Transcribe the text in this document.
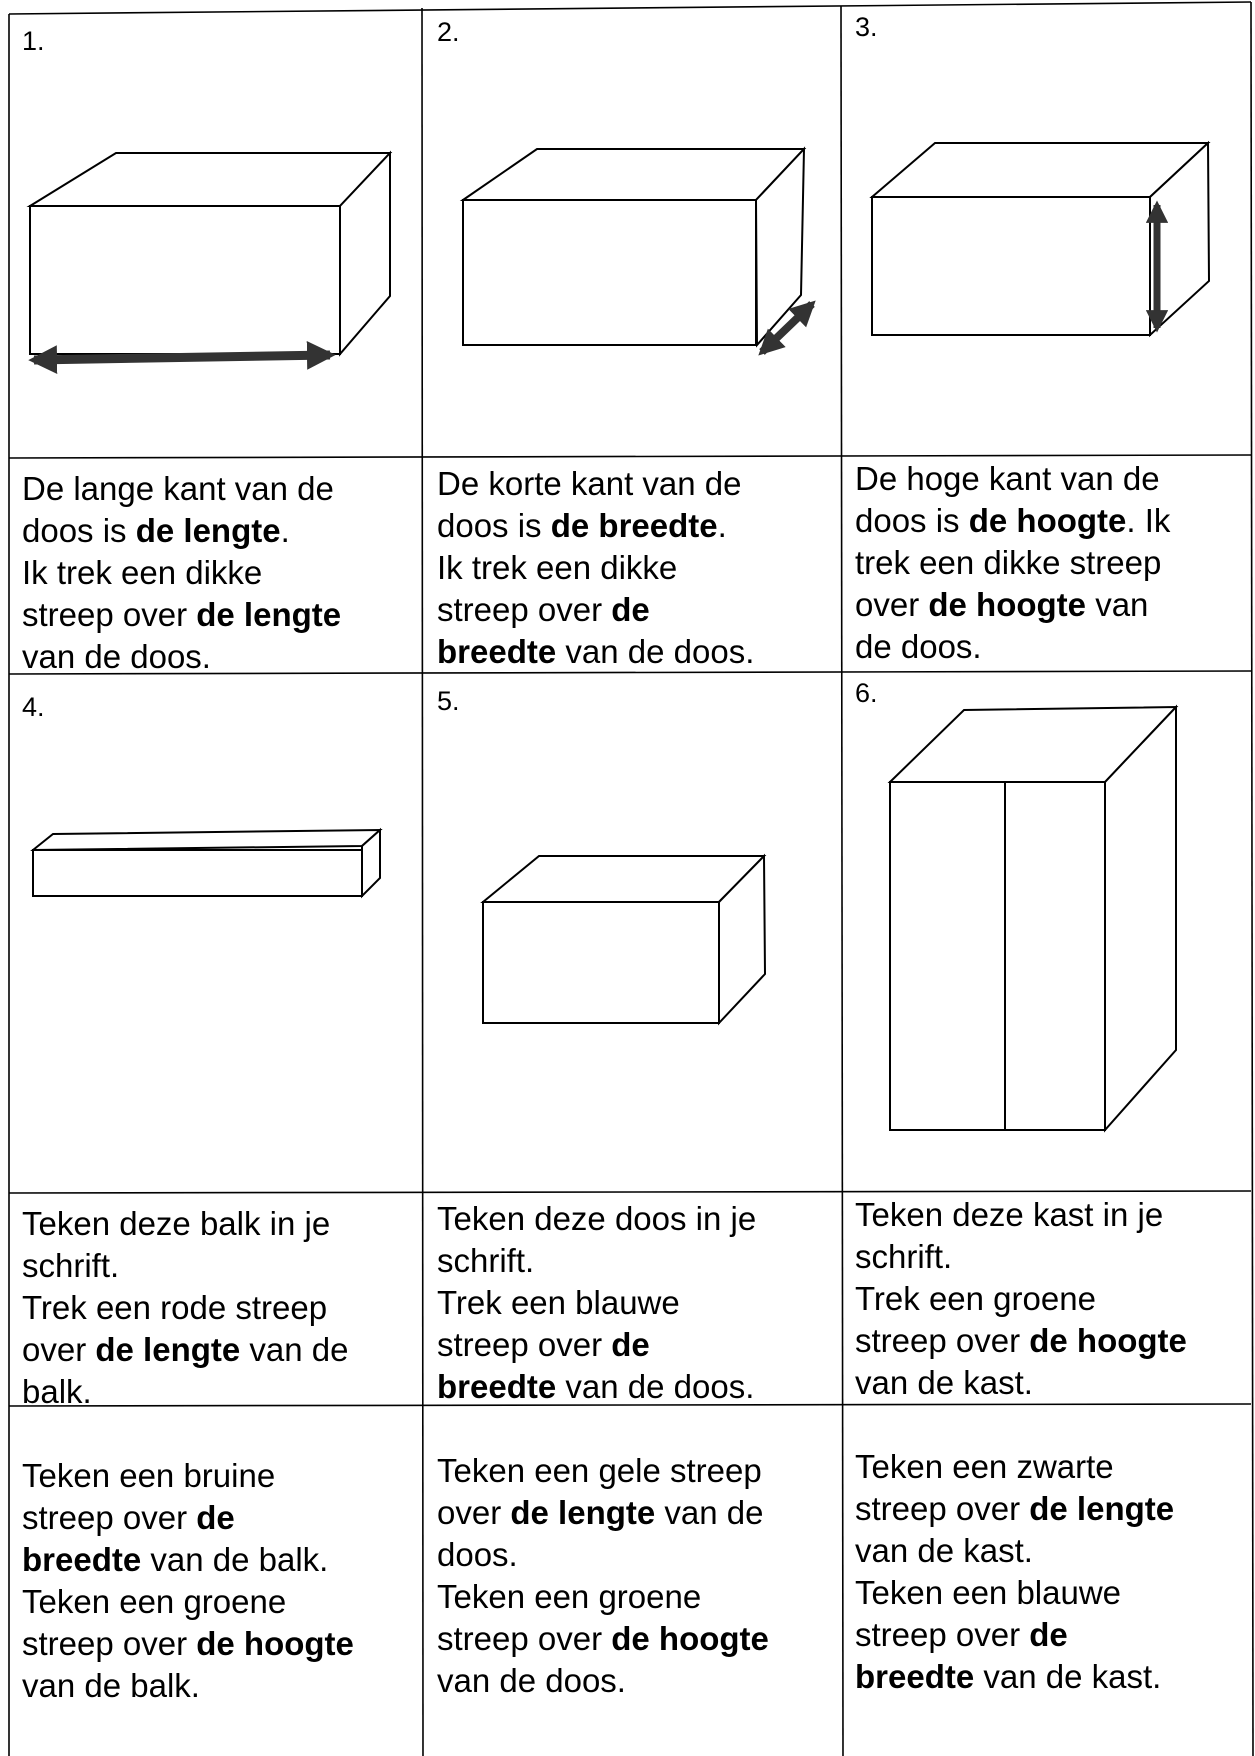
1.	2.	3.

De lange kant van de

doos is de lengte.

Ik trek een dikke

streep over de lengte

van de doos.

De korte kant van de

doos is de breedte.

Ik trek een dikke

streep over de

breedte van de doos.

De hoge kant van de

doos is de hoogte. Ik

trek een dikke streep

over de hoogte van

de doos.

4.	5.	6.

Teken deze balk in je

schrift.

Trek een rode streep

over de lengte van de

balk.

Teken een bruine

streep over de

breedte van de balk.

Teken een groene

streep over de hoogte

van de balk.

Teken deze doos in je

schrift.

Trek een blauwe

streep over de

breedte van de doos.

Teken een gele streep

over de lengte van de

doos.

Teken een groene

streep over de hoogte

van de doos.

Teken deze kast in je

schrift.

Trek een groene

streep over de hoogte

van de kast.

Teken een zwarte

streep over de lengte

van de kast.

Teken een blauwe

streep over de

breedte van de kast.
